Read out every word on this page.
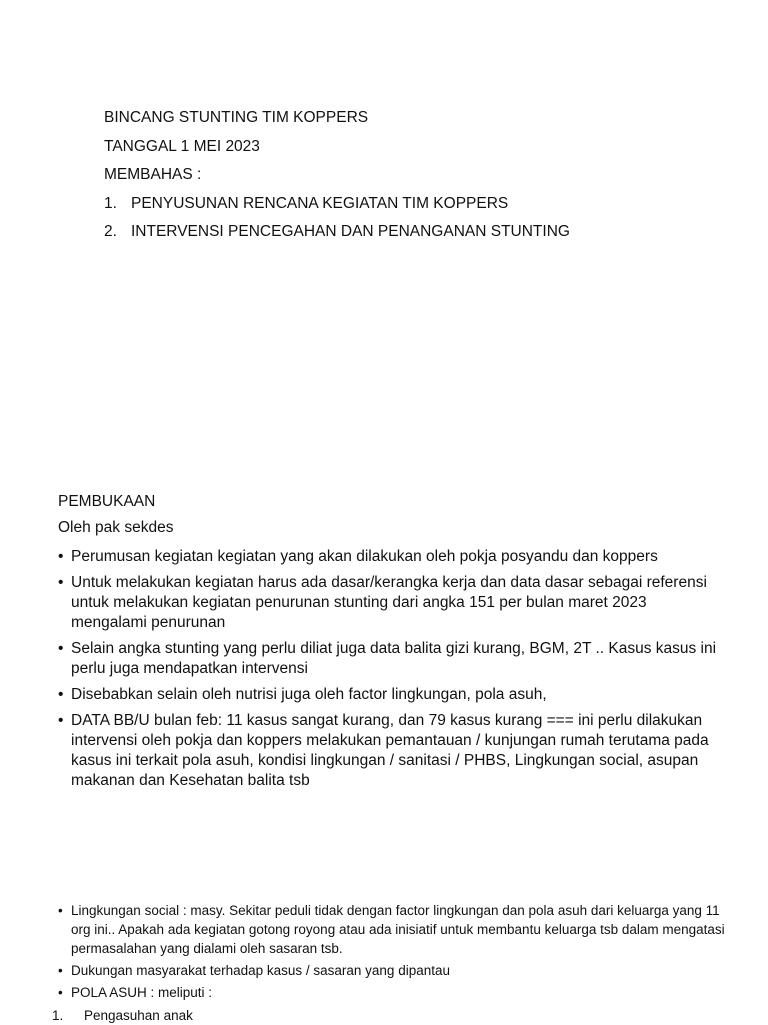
BINCANG STUNTING TIM KOPPERS
TANGGAL 1 MEI 2023
MEMBAHAS :
1. PENYUSUNAN RENCANA KEGIATAN TIM KOPPERS
2. INTERVENSI PENCEGAHAN DAN PENANGANAN STUNTING
PEMBUKAAN
Oleh pak sekdes
• Perumusan kegiatan kegiatan yang akan dilakukan oleh pokja posyandu dan koppers
• Untuk melakukan kegiatan harus ada dasar/kerangka kerja dan data dasar sebagai referensi untuk melakukan kegiatan penurunan stunting dari angka 151 per bulan maret 2023 mengalami penurunan
• Selain angka stunting yang perlu diliat juga data balita gizi kurang, BGM, 2T .. Kasus kasus ini perlu juga mendapatkan intervensi
• Disebabkan selain oleh nutrisi juga oleh factor lingkungan, pola asuh,
• DATA BB/U bulan feb: 11 kasus sangat kurang, dan 79 kasus kurang === ini perlu dilakukan intervensi oleh pokja dan koppers melakukan pemantauan / kunjungan rumah terutama pada kasus ini terkait pola asuh, kondisi lingkungan / sanitasi / PHBS, Lingkungan social, asupan makanan dan Kesehatan balita tsb
• Lingkungan social : masy. Sekitar peduli tidak dengan factor lingkungan dan pola asuh dari keluarga yang 11 org ini.. Apakah ada kegiatan gotong royong atau ada inisiatif untuk membantu keluarga tsb dalam mengatasi permasalahan yang dialami oleh sasaran tsb.
• Dukungan masyarakat terhadap kasus / sasaran yang dipantau
• POLA ASUH : meliputi :
1. Pengasuhan anak
